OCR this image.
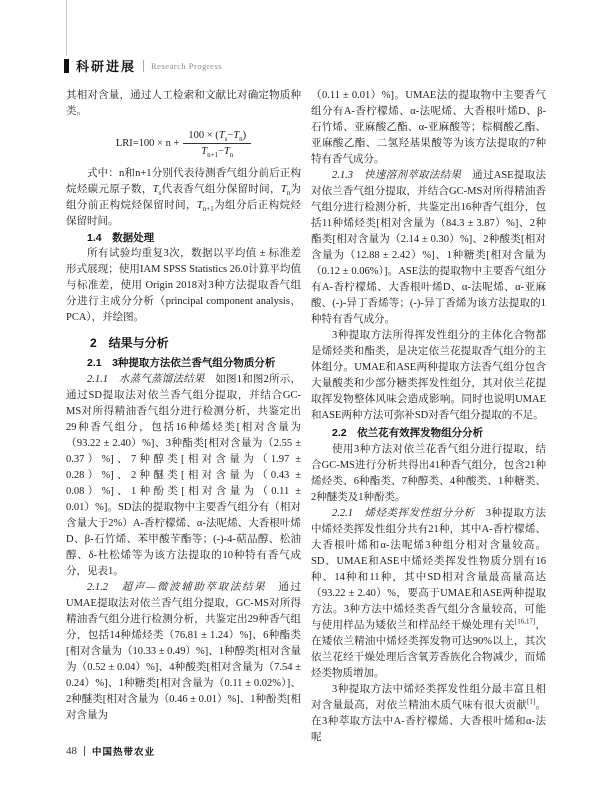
科研进展 Research Progress
其相对含量，通过人工检索和文献比对确定物质种类。
$LRI=100 \times n + \frac{100 \times (T_s-T_n)}{T_{n+1}-T_n}$
式中：n和n+1分别代表待测香气组分前后正构烷烃碳元原子数，$T_s$代表香气组分保留时间，$T_n$为组分前正构烷烃保留时间，$T_{n+1}$为组分后正构烷烃保留时间。
1.4　数据处理
所有试验均重复3次，数据以平均值 ± 标准差形式展现；使用IAM SPSS Statistics 26.0计算平均值与标准差，使用 Origin 2018对3种方法提取香气组分进行主成分分析（principal component analysis，PCA），并绘图。
2　结果与分析
2.1　3种提取方法依兰香气组分物质分析
2.1.1　水蒸气蒸馏法结果　如图1和图2所示，通过SD提取法对依兰香气组分提取，并结合GC-MS对所得精油香气组分进行检测分析，共鉴定出29种香气组分，包括16种烯烃类[相对含量为（93.22 ± 2.40）%]、3种酯类[相对含量为（2.55 ± 0.37）%]、7种醇类[相对含量为（1.97 ± 0.28）%]、2种醚类[相对含量为（0.43 ± 0.08）%]、1种酚类[相对含量为（0.11 ± 0.01）%]。SD法的提取物中主要香气组分有（相对含量大于2%）A-香柠檬烯、α-法呢烯、大香根叶烯D、β-石竹烯、苯甲酸苄酯等；(-)-4-萜品醇、松油醇、δ-杜松烯等为该方法提取的10种特有香气成分，见表1。
2.1.2　超声—微波辅助萃取法结果　通过UMAE提取法对依兰香气组分提取，GC-MS对所得精油香气组分进行检测分析，共鉴定出29种香气组分，包括14种烯烃类（76.81 ± 1.24）%]、6种酯类[相对含量为（10.33 ± 0.49）%]、1种醇类[相对含量为（0.52 ± 0.04）%]、4种酸类[相对含量为（7.54 ± 0.24）%]、1种糖类[相对含量为（0.11 ± 0.02%）]、2种醚类[相对含量为（0.46 ± 0.01）%]、1种酚类[相对含量为
（0.11 ± 0.01）%]。UMAE法的提取物中主要香气组分有A-香柠檬烯、α-法呢烯、大香根叶烯D、β-石竹烯、亚麻酸乙酯、α-亚麻酸等；棕榈酸乙酯、亚麻酸乙酯、二氢羟基果酸等为该方法提取的7种特有香气成分。
2.1.3　快速溶剂萃取法结果　通过ASE提取法对依兰香气组分提取，并结合GC-MS对所得精油香气组分进行检测分析，共鉴定出16种香气组分，包括11种烯烃类[相对含量为（84.3 ± 3.87）%]、2种酯类[相对含量为（2.14 ± 0.30）%]、2种酸类[相对含量为（12.88 ± 2.42）%]、1种糖类[相对含量为（0.12 ± 0.06%）]。ASE法的提取物中主要香气组分有A-香柠檬烯、大香根叶烯D、α-法呢烯、α-亚麻酸、(-)-异丁香烯等；(-)-异丁香烯为该方法提取的1种特有香气成分。
3种提取方法所得挥发性组分的主体化合物都是烯烃类和酯类，是决定依兰花提取香气组分的主体组分。UMAE和ASE两种提取方法香气组分包含大量酸类和少部分糖类挥发性组分，其对依兰花提取挥发物整体风味会造成影响。同时也说明UMAE和ASE两种方法可弥补SD对香气组分提取的不足。
2.2　依兰花有效挥发物组分分析
使用3种方法对依兰花香气组分进行提取，结合GC-MS进行分析共得出41种香气组分，包含21种烯烃类、6种酯类、7种醇类、4种酸类、1种糖类、2种醚类及1种酚类。
2.2.1　烯烃类挥发性组分分析　3种提取方法中烯烃类挥发性组分共有21种，其中A-香柠檬烯、大香根叶烯和α-法呢烯3种组分相对含量较高。SD、UMAE和ASE中烯烃类挥发性物质分别有16种、14种和11种，其中SD相对含量最高量高达（93.22 ± 2.40）%，要高于UMAE和ASE两种提取方法。3种方法中烯烃类香气组分含量较高，可能与使用样品为矮依兰和样品经干燥处理有关[16,17]，在矮依兰精油中烯烃类挥发物可达90%以上，其次依兰花经干燥处理后含氧芳香族化合物减少，而烯烃类物质增加。
3种提取方法中烯烃类挥发性组分最丰富且相对含量最高，对依兰精油木质气味有很大贡献[1]。在3种萃取方法中A-香柠檬烯、大香根叶烯和α-法呢
48 中国热带农业
